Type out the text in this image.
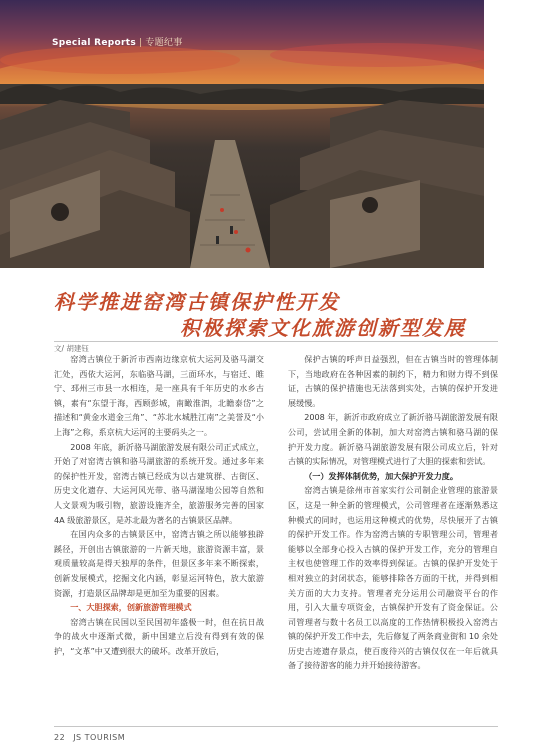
Special Reports | 专题纪事
科学推进窑湾古镇保护性开发
积极探索文化旅游创新型发展
文/ 胡建钰

窑湾古镇位于新沂市西南边缘京杭大运河及骆马湖交汇处，西依大运河，东临骆马湖，三面环水，与宿迁、睢宁、邳州三市县一水相连，是一座具有千年历史的水乡古镇，素有“东望于海，西顾彭城，南瞰淮泗，北瞻泰岱”之描述和“黄金水道金三角”、“苏北水城胜江南”之美誉及“小上海”之称，系京杭大运河的主要码头之一。

2008 年底，新沂骆马湖旅游发展有限公司正式成立，开始了对窑湾古镇和骆马湖旅游的系统开发。通过多年来的保护性开发，窑湾古镇已经成为以古建筑群、古街区、历史文化遗存、大运河风光带、骆马湖湿地公园等自然和人文景观为吸引物，旅游设施齐全，旅游服务完善的国家 4A 级旅游景区，是苏北最为著名的古镇景区品牌。

在国内众多的古镇景区中，窑湾古镇之所以能够独辟蹊径，开创出古镇旅游的一片新天地，旅游资源丰富，景观质量较高是得天独厚的条件，但景区多年来不断探索，创新发展模式，挖掘文化内涵，彰显运河特色，放大旅游资源，打造景区品牌却是更加至为重要的因素。

一、大胆探索，创新旅游管理模式

窑湾古镇在民国以至民国初年盛极一时，但在抗日战争的战火中逐渐式微，新中国建立后没有得到有效的保护，“文革”中又遭到很大的破坏。改革开放后，

保护古镇的呼声日益强烈，但在古镇当时的管理体制下，当地政府在各种因素的制约下，精力和财力得不到保证，古镇的保护措施也无法落到实处，古镇的保护开发进展缓慢。

2008 年，新沂市政府成立了新沂骆马湖旅游发展有限公司，尝试用全新的体制，加大对窑湾古镇和骆马湖的保护开发力度。新沂骆马湖旅游发展有限公司成立后，针对古镇的实际情况，对管理模式进行了大胆的探索和尝试。

（一）发挥体制优势，加大保护开发力度。

窑湾古镇是徐州市首家实行公司制企业管理的旅游景区，这是一种全新的管理模式，公司管理者在逐渐熟悉这种模式的同时，也运用这种模式的优势，尽快展开了古镇的保护开发工作。作为窑湾古镇的专职管理公司，管理者能够以全部身心投入古镇的保护开发工作，充分的管理自主权也使管理工作的效率得到保证。古镇的保护开发处于相对独立的封闭状态，能够排除各方面的干扰，并得到相关方面的大力支持。管理者充分运用公司融资平台的作用，引入大量专项资金，古镇保护开发有了资金保证。公司管理者与数十名员工以高度的工作热情积极投入窑湾古镇的保护开发工作中去，先后修复了两条商业街和 10 余处历史古迹遗存景点，使百废待兴的古镇仅仅在一年后就具备了接待游客的能力并开始接待游客。

22 JS TOURISM
